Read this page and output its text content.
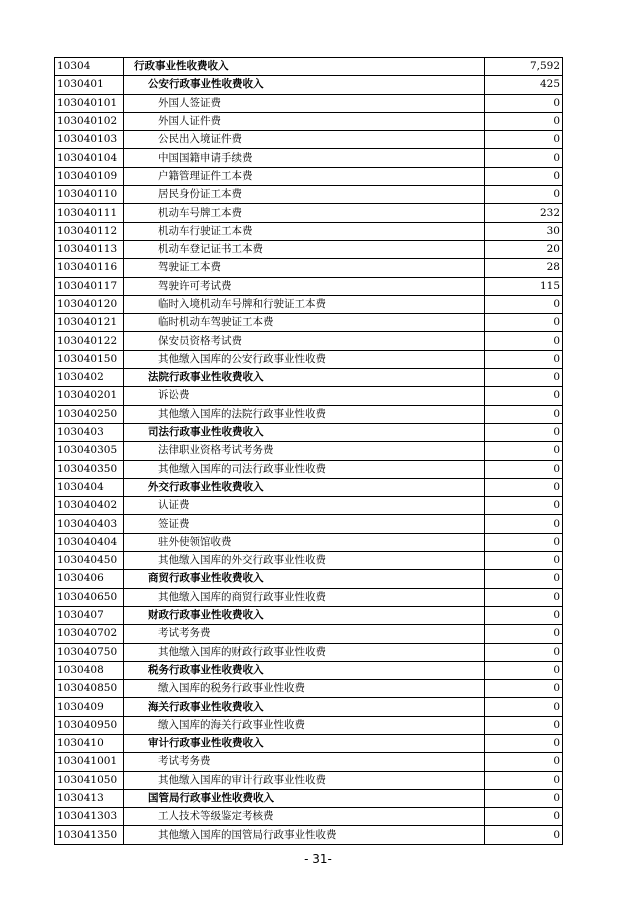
10304	行政事业性收费收入	7,592
1030401	公安行政事业性收费收入	425
103040101	外国人签证费	0
103040102	外国人证件费	0
103040103	公民出入境证件费	0
103040104	中国国籍申请手续费	0
103040109	户籍管理证件工本费	0
103040110	居民身份证工本费	0
103040111	机动车号牌工本费	232
103040112	机动车行驶证工本费	30
103040113	机动车登记证书工本费	20
103040116	驾驶证工本费	28
103040117	驾驶许可考试费	115
103040120	临时入境机动车号牌和行驶证工本费	0
103040121	临时机动车驾驶证工本费	0
103040122	保安员资格考试费	0
103040150	其他缴入国库的公安行政事业性收费	0
1030402	法院行政事业性收费收入	0
103040201	诉讼费	0
103040250	其他缴入国库的法院行政事业性收费	0
1030403	司法行政事业性收费收入	0
103040305	法律职业资格考试考务费	0
103040350	其他缴入国库的司法行政事业性收费	0
1030404	外交行政事业性收费收入	0
103040402	认证费	0
103040403	签证费	0
103040404	驻外使领馆收费	0
103040450	其他缴入国库的外交行政事业性收费	0
1030406	商贸行政事业性收费收入	0
103040650	其他缴入国库的商贸行政事业性收费	0
1030407	财政行政事业性收费收入	0
103040702	考试考务费	0
103040750	其他缴入国库的财政行政事业性收费	0
1030408	税务行政事业性收费收入	0
103040850	缴入国库的税务行政事业性收费	0
1030409	海关行政事业性收费收入	0
103040950	缴入国库的海关行政事业性收费	0
1030410	审计行政事业性收费收入	0
103041001	考试考务费	0
103041050	其他缴入国库的审计行政事业性收费	0
1030413	国管局行政事业性收费收入	0
103041303	工人技术等级鉴定考核费	0
103041350	其他缴入国库的国管局行政事业性收费	0
- 31-
